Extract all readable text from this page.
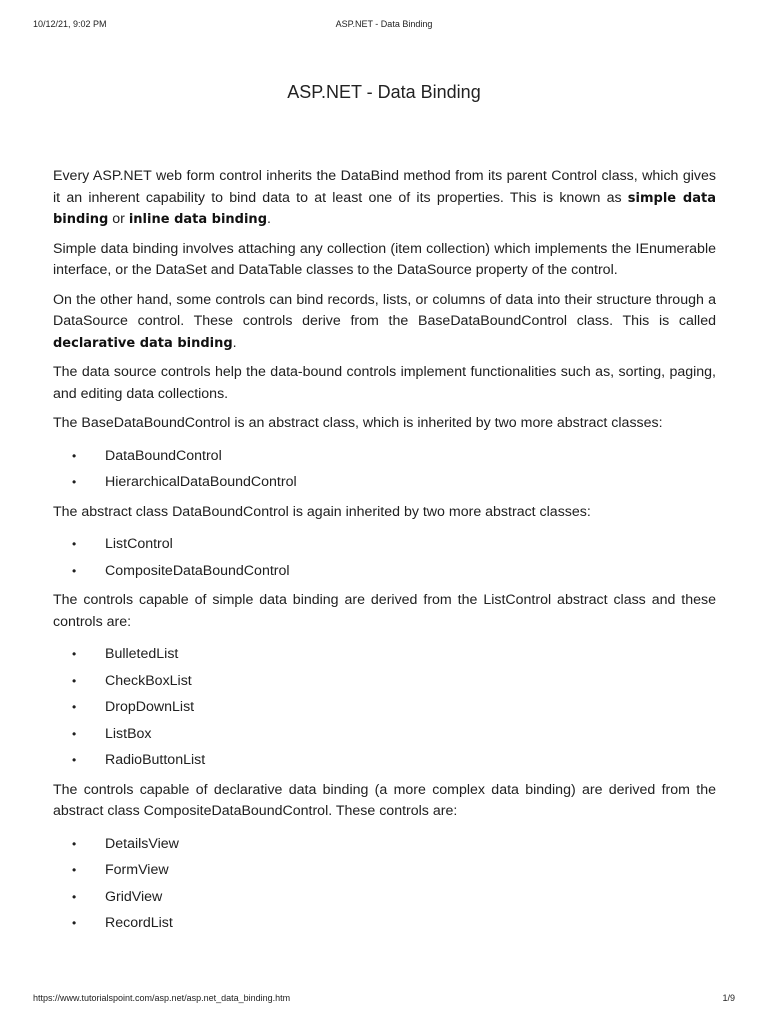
10/12/21, 9:02 PM	ASP.NET - Data Binding
ASP.NET - Data Binding

Every ASP.NET web form control inherits the DataBind method from its parent Control class, which gives it an inherent capability to bind data to at least one of its properties. This is known as simple data binding or inline data binding.

Simple data binding involves attaching any collection (item collection) which implements the IEnumerable interface, or the DataSet and DataTable classes to the DataSource property of the control.

On the other hand, some controls can bind records, lists, or columns of data into their structure through a DataSource control. These controls derive from the BaseDataBoundControl class. This is called declarative data binding.

The data source controls help the data-bound controls implement functionalities such as, sorting, paging, and editing data collections.

The BaseDataBoundControl is an abstract class, which is inherited by two more abstract classes:

• DataBoundControl
• HierarchicalDataBoundControl

The abstract class DataBoundControl is again inherited by two more abstract classes:

• ListControl
• CompositeDataBoundControl

The controls capable of simple data binding are derived from the ListControl abstract class and these controls are:

• BulletedList
• CheckBoxList
• DropDownList
• ListBox
• RadioButtonList

The controls capable of declarative data binding (a more complex data binding) are derived from the abstract class CompositeDataBoundControl. These controls are:

• DetailsView
• FormView
• GridView
• RecordList
https://www.tutorialspoint.com/asp.net/asp.net_data_binding.htm	1/9
